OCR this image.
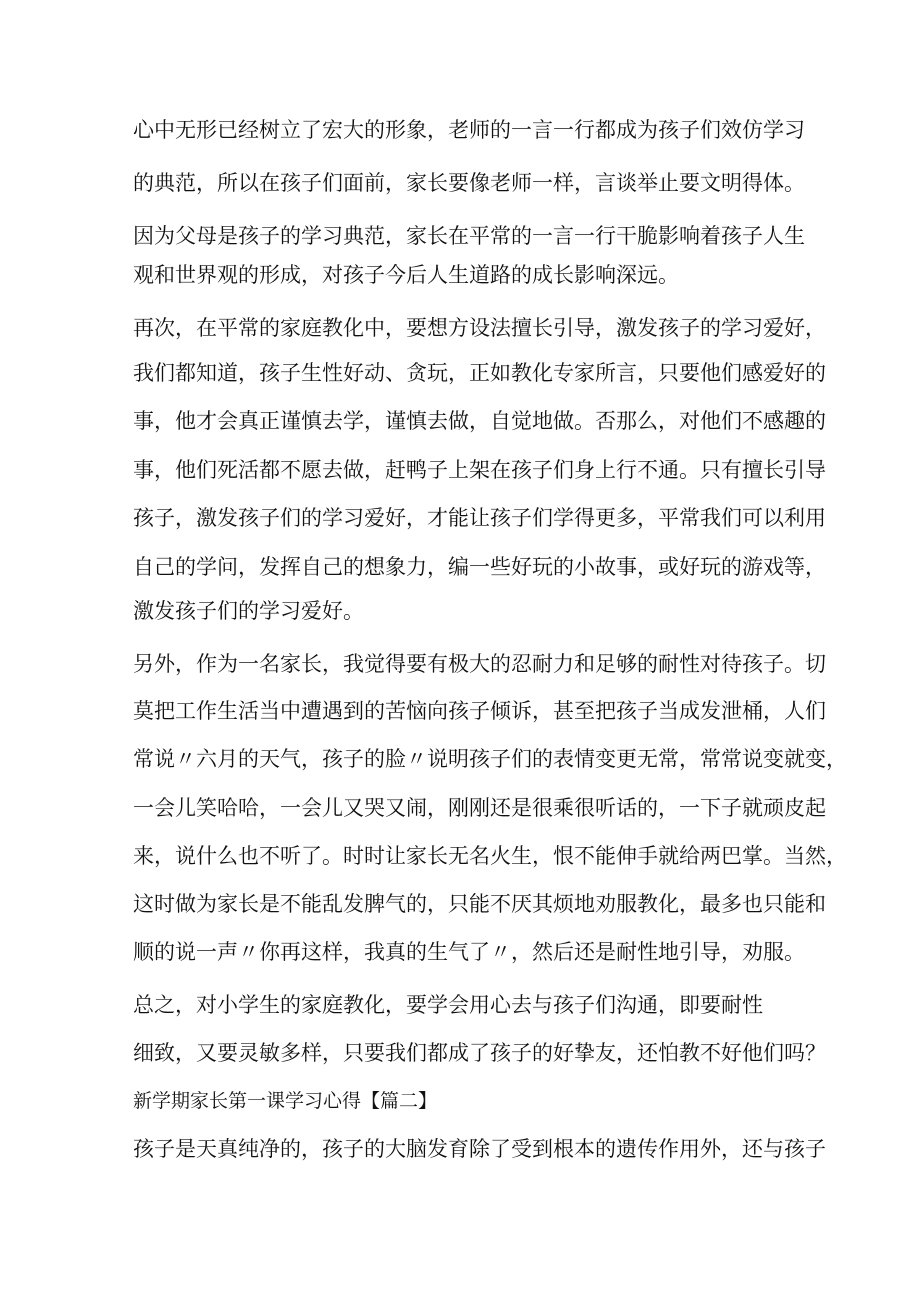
心中无形已经树立了宏大的形象，老师的一言一行都成为孩子们效仿学习
的典范，所以在孩子们面前，家长要像老师一样，言谈举止要文明得体。
因为父母是孩子的学习典范，家长在平常的一言一行干脆影响着孩子人生
观和世界观的形成，对孩子今后人生道路的成长影响深远。
再次，在平常的家庭教化中，要想方设法擅长引导，激发孩子的学习爱好，
我们都知道，孩子生性好动、贪玩，正如教化专家所言，只要他们感爱好的
事，他才会真正谨慎去学，谨慎去做，自觉地做。否那么，对他们不感趣的
事，他们死活都不愿去做，赶鸭子上架在孩子们身上行不通。只有擅长引导
孩子，激发孩子们的学习爱好，才能让孩子们学得更多，平常我们可以利用
自己的学问，发挥自己的想象力，编一些好玩的小故事，或好玩的游戏等，
激发孩子们的学习爱好。
另外，作为一名家长，我觉得要有极大的忍耐力和足够的耐性对待孩子。切
莫把工作生活当中遭遇到的苦恼向孩子倾诉，甚至把孩子当成发泄桶，人们
常说〃六月的天气，孩子的脸〃说明孩子们的表情变更无常，常常说变就变，
一会儿笑哈哈，一会儿又哭又闹，刚刚还是很乘很听话的，一下子就顽皮起
来，说什么也不听了。时时让家长无名火生，恨不能伸手就给两巴掌。当然，
这时做为家长是不能乱发脾气的，只能不厌其烦地劝服教化，最多也只能和
顺的说一声〃你再这样，我真的生气了〃，然后还是耐性地引导，劝服。
总之，对小学生的家庭教化，要学会用心去与孩子们沟通，即要耐性
细致，又要灵敏多样，只要我们都成了孩子的好挚友，还怕教不好他们吗？
新学期家长第一课学习心得【篇二】
孩子是天真纯净的，孩子的大脑发育除了受到根本的遗传作用外，还与孩子
